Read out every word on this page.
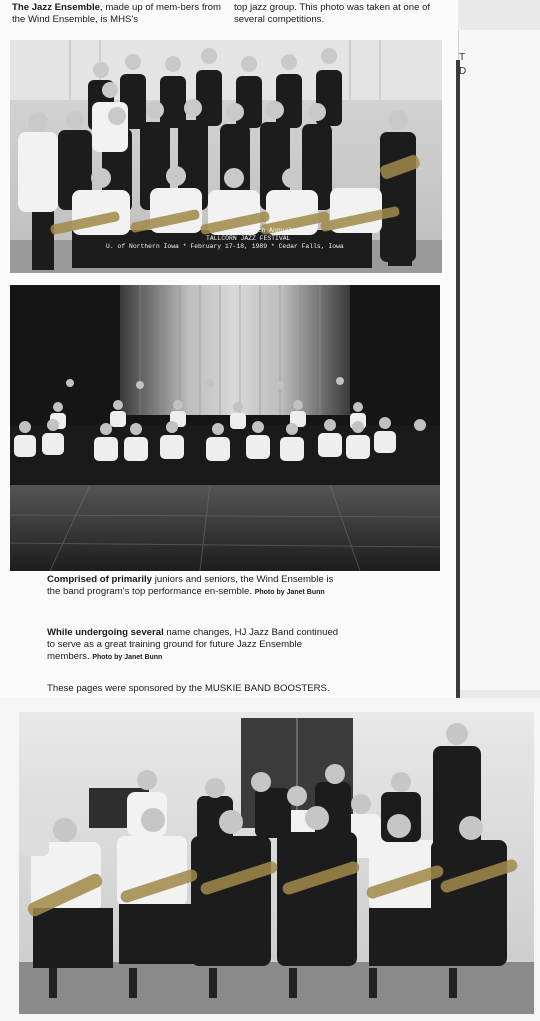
T
D
The Jazz Ensemble, made up of mem-bers from the Wind Ensemble, is MHS's
top jazz group. This photo was taken at one of several competitions.
34th Annual
TALLCORN JAZZ FESTIVAL
U. of Northern Iowa * February 17-18, 1989 * Cedar Falls, Iowa
Comprised of primarily juniors and seniors, the Wind Ensemble is the band program's top performance en-semble. Photo by Janet Bunn
While undergoing several name changes, HJ Jazz Band continued to serve as a great training ground for future Jazz Ensemble members. Photo by Janet Bunn
These pages were sponsored by the MUSKIE BAND BOOSTERS.
